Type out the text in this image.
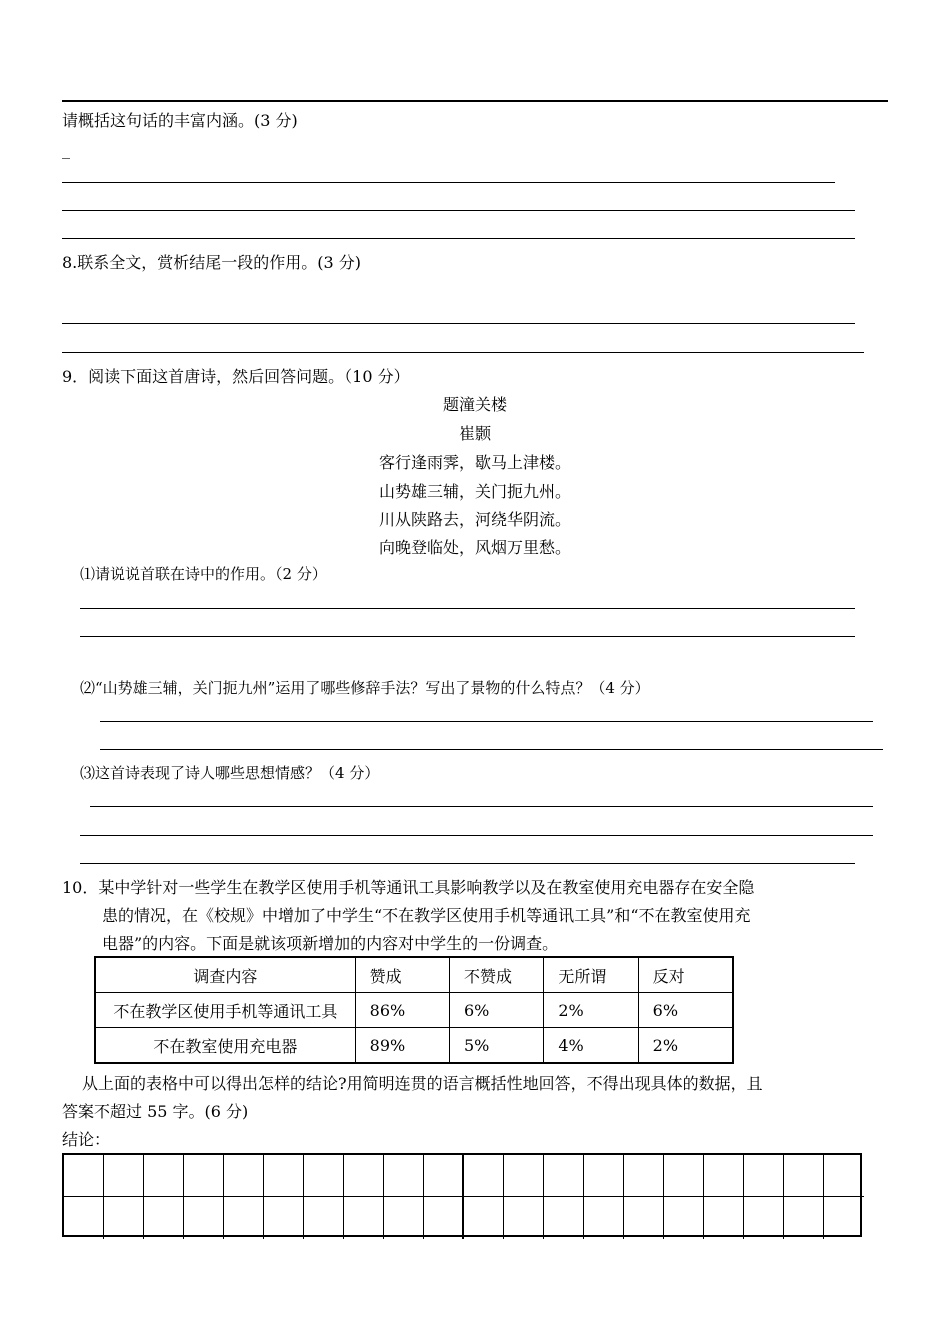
请概括这句话的丰富内涵。(3 分)
_
8.联系全文，赏析结尾一段的作用。(3 分)
9．阅读下面这首唐诗，然后回答问题。（10 分）
题潼关楼
崔颢
客行逢雨霁，歇马上津楼。
山势雄三辅，关门扼九州。
川从陕路去，河绕华阴流。
向晚登临处，风烟万里愁。
⑴请说说首联在诗中的作用。（2 分）
⑵“山势雄三辅，关门扼九州”运用了哪些修辞手法？写出了景物的什么特点？（4 分）
⑶这首诗表现了诗人哪些思想情感？（4 分）
10．某中学针对一些学生在教学区使用手机等通讯工具影响教学以及在教室使用充电器存在安全隐
患的情况，在《校规》中增加了中学生“不在教学区使用手机等通讯工具”和“不在教室使用充
电器”的内容。下面是就该项新增加的内容对中学生的一份调查。
调查内容	赞成	不赞成	无所谓	反对
不在教学区使用手机等通讯工具	86%	6%	2%	6%
不在教室使用充电器	89%	5%	4%	2%
从上面的表格中可以得出怎样的结论?用简明连贯的语言概括性地回答，不得出现具体的数据，且
答案不超过 55 字。(6 分)
结论：
